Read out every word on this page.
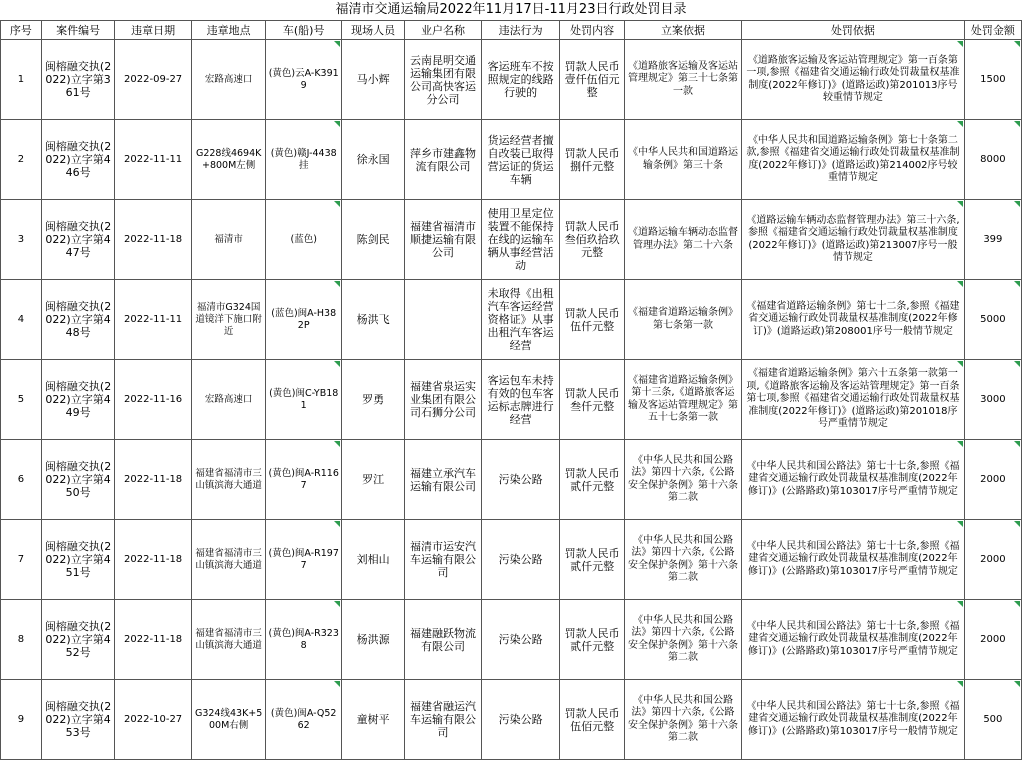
福清市交通运输局2022年11月17日-11月23日行政处罚目录
序号	案件编号	违章日期	违章地点	车(船)号	现场人员	业户名称	违法行为	处罚内容	立案依据	处罚依据	处罚金额
1	闽榕融交执(2022)立字第361号	2022-09-27	宏路高速口	(黄色)云A-K3919	马小辉	云南昆明交通运输集团有限公司高快客运分公司	客运班车不按照规定的线路行驶的	罚款人民币壹仟伍佰元整	《道路旅客运输及客运站管理规定》第三十七条第一款	《道路旅客运输及客运站管理规定》第一百条第一项,参照《福建省交通运输行政处罚裁量权基准制度(2022年修订)》(道路运政)第201013序号较重情节规定	1500

2	闽榕融交执(2022)立字第446号	2022-11-11	G228线4694K+800M左侧	(黄色)赣J-4438挂	徐永国	萍乡市建鑫物流有限公司	货运经营者擅自改装已取得营运证的货运车辆	罚款人民币捌仟元整	《中华人民共和国道路运输条例》第三十条	《中华人民共和国道路运输条例》第七十条第二款,参照《福建省交通运输行政处罚裁量权基准制度(2022年修订)》(道路运政)第214002序号较重情节规定	8000

3	闽榕融交执(2022)立字第447号	2022-11-18	福清市	(蓝色)	陈剑民	福建省福清市顺捷运输有限公司	使用卫星定位装置不能保持在线的运输车辆从事经营活动	罚款人民币叁佰玖拾玖元整	《道路运输车辆动态监督管理办法》第二十六条	《道路运输车辆动态监督管理办法》第三十六条,参照《福建省交通运输行政处罚裁量权基准制度(2022年修订)》(道路运政)第213007序号一般情节规定	399

4	闽榕融交执(2022)立字第448号	2022-11-11	福清市G324国道镜洋下施口附近	(蓝色)闽A-H382P	杨洪飞		未取得《出租汽车客运经营资格证》从事出租汽车客运经营	罚款人民币伍仟元整	《福建省道路运输条例》第七条第一款	《福建省道路运输条例》第七十二条,参照《福建省交通运输行政处罚裁量权基准制度(2022年修订)》(道路运政)第208001序号一般情节规定	5000

5	闽榕融交执(2022)立字第449号	2022-11-16	宏路高速口	(黄色)闽C-YB181	罗勇	福建省泉运实业集团有限公司石狮分公司	客运包车未持有效的包车客运标志牌进行经营	罚款人民币叁仟元整	《福建省道路运输条例》第十三条,《道路旅客运输及客运站管理规定》第五十七条第一款	《福建省道路运输条例》第六十五条第一款第一项,《道路旅客运输及客运站管理规定》第一百条第七项,参照《福建省交通运输行政处罚裁量权基准制度(2022年修订)》(道路运政)第201018序号严重情节规定	3000

6	闽榕融交执(2022)立字第450号	2022-11-18	福建省福清市三山镇滨海大通道	(黄色)闽A-R1167	罗江	福建立承汽车运输有限公司	污染公路	罚款人民币贰仟元整	《中华人民共和国公路法》第四十六条,《公路安全保护条例》第十六条第二款	《中华人民共和国公路法》第七十七条,参照《福建省交通运输行政处罚裁量权基准制度(2022年修订)》(公路路政)第103017序号严重情节规定	2000

7	闽榕融交执(2022)立字第451号	2022-11-18	福建省福清市三山镇滨海大通道	(黄色)闽A-R1977	刘相山	福清市运安汽车运输有限公司	污染公路	罚款人民币贰仟元整	《中华人民共和国公路法》第四十六条,《公路安全保护条例》第十六条第二款	《中华人民共和国公路法》第七十七条,参照《福建省交通运输行政处罚裁量权基准制度(2022年修订)》(公路路政)第103017序号严重情节规定	2000

8	闽榕融交执(2022)立字第452号	2022-11-18	福建省福清市三山镇滨海大通道	(黄色)闽A-R3238	杨洪源	福建融跃物流有限公司	污染公路	罚款人民币贰仟元整	《中华人民共和国公路法》第四十六条,《公路安全保护条例》第十六条第二款	《中华人民共和国公路法》第七十七条,参照《福建省交通运输行政处罚裁量权基准制度(2022年修订)》(公路路政)第103017序号严重情节规定	2000

9	闽榕融交执(2022)立字第453号	2022-10-27	G324线43K+500M右侧	(黄色)闽A-Q5262	童树平	福建省融运汽车运输有限公司	污染公路	罚款人民币伍佰元整	《中华人民共和国公路法》第四十六条,《公路安全保护条例》第十六条第二款	《中华人民共和国公路法》第七十七条,参照《福建省交通运输行政处罚裁量权基准制度(2022年修订)》(公路路政)第103017序号一般情节规定	500
